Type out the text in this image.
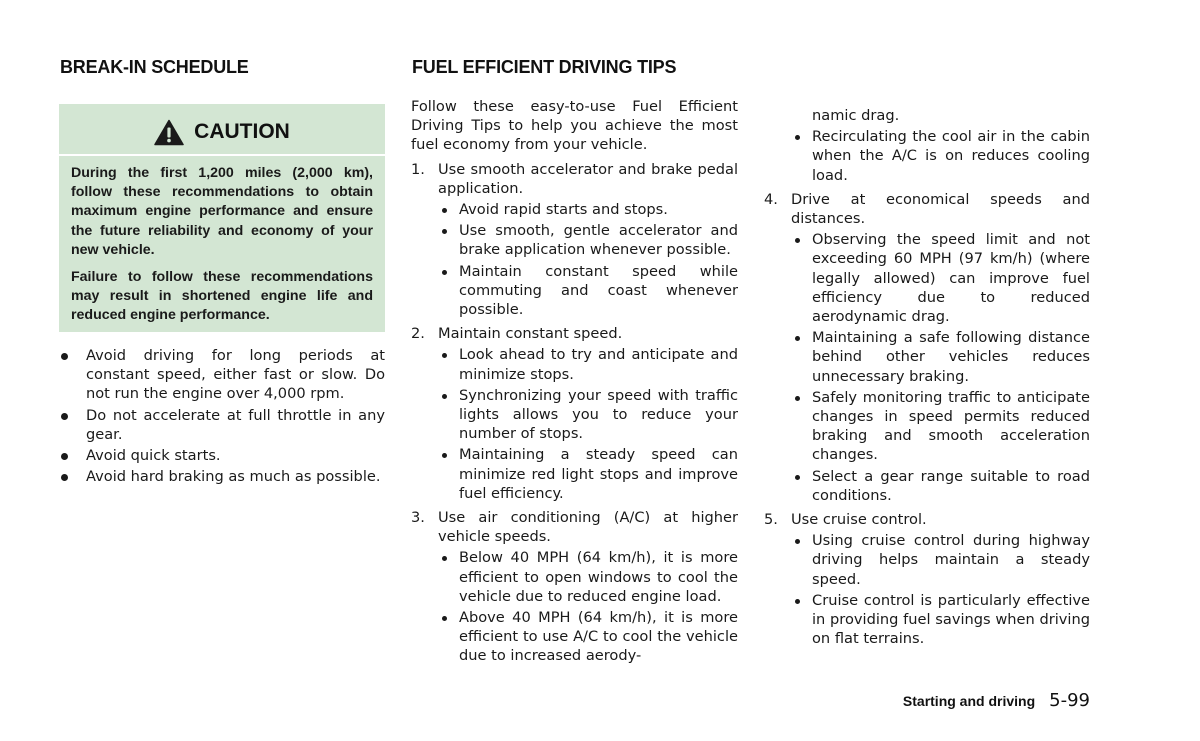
BREAK-IN SCHEDULE	FUEL EFFICIENT DRIVING TIPS
CAUTION

During the first 1,200 miles (2,000 km), follow these recommendations to obtain maximum engine performance and ensure the future reliability and economy of your new vehicle.

Failure to follow these recommendations may result in shortened engine life and reduced engine performance.

Avoid driving for long periods at constant speed, either fast or slow. Do not run the engine over 4,000 rpm.
Do not accelerate at full throttle in any gear.
Avoid quick starts.
Avoid hard braking as much as possible.

Follow these easy-to-use Fuel Efficient Driving Tips to help you achieve the most fuel economy from your vehicle.

1. Use smooth accelerator and brake pedal application.
Avoid rapid starts and stops.
Use smooth, gentle accelerator and brake application whenever possible.
Maintain constant speed while commuting and coast whenever possible.
2. Maintain constant speed.
Look ahead to try and anticipate and minimize stops.
Synchronizing your speed with traffic lights allows you to reduce your number of stops.
Maintaining a steady speed can minimize red light stops and improve fuel efficiency.
3. Use air conditioning (A/C) at higher vehicle speeds.
Below 40 MPH (64 km/h), it is more efficient to open windows to cool the vehicle due to reduced engine load.
Above 40 MPH (64 km/h), it is more efficient to use A/C to cool the vehicle due to increased aerody-

namic drag.

Recirculating the cool air in the cabin when the A/C is on reduces cooling load.
4. Drive at economical speeds and distances.
Observing the speed limit and not exceeding 60 MPH (97 km/h) (where legally allowed) can improve fuel efficiency due to reduced aerodynamic drag.
Maintaining a safe following distance behind other vehicles reduces unnecessary braking.
Safely monitoring traffic to anticipate changes in speed permits reduced braking and smooth acceleration changes.
Select a gear range suitable to road conditions.
5. Use cruise control.
Using cruise control during highway driving helps maintain a steady speed.
Cruise control is particularly effective in providing fuel savings when driving on flat terrains.
Starting and driving 5-99
